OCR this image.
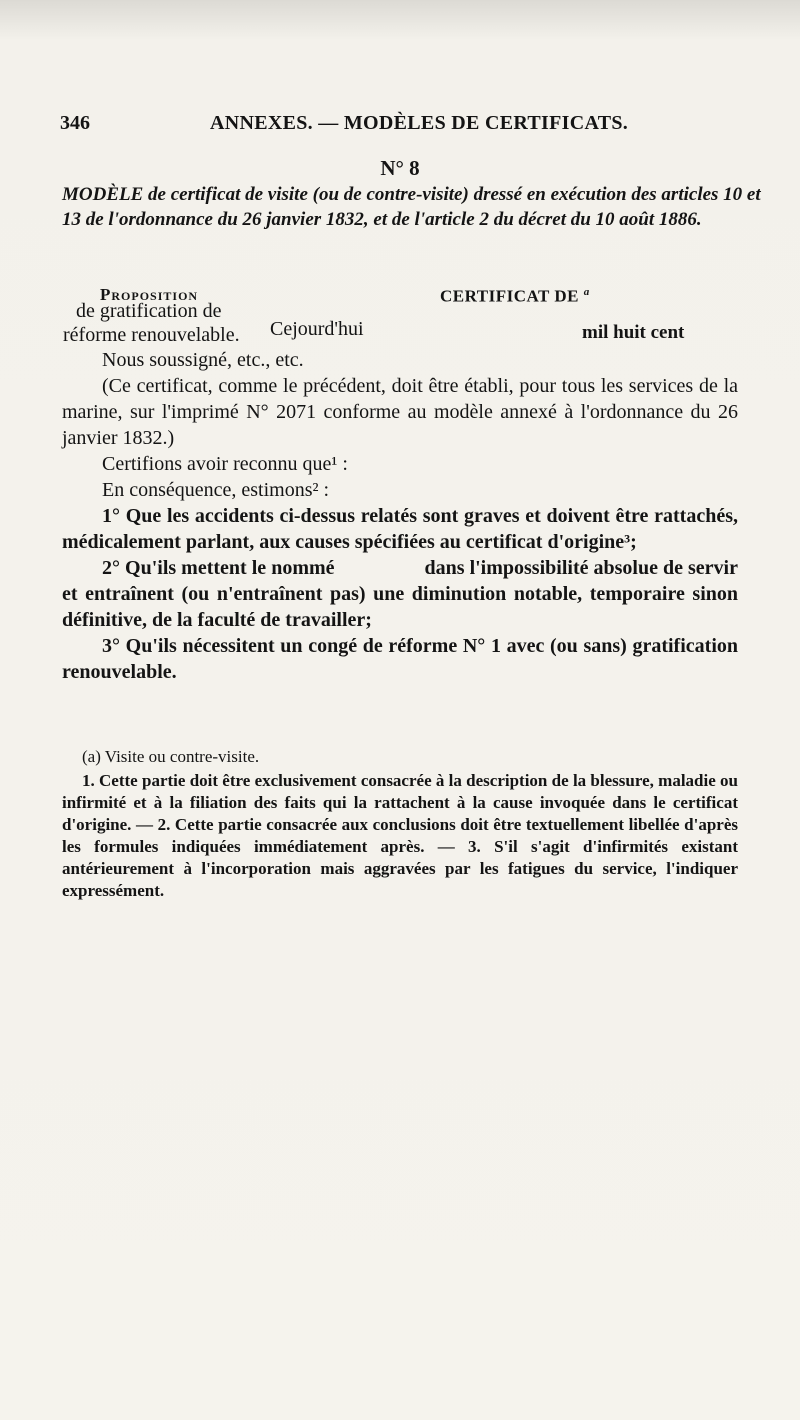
346	ANNEXES. — MODÈLES DE CERTIFICATS.
N° 8
MODÈLE de certificat de visite (ou de contre-visite) dressé en exécution des articles 10 et 13 de l'ordonnance du 26 janvier 1832, et de l'article 2 du décret du 10 août 1886.
Proposition
de gratification de
réforme renouvelable.
CERTIFICAT DE $^a$
Cejourd'hui	mil huit cent

Nous soussigné, etc., etc.

(Ce certificat, comme le précédent, doit être établi, pour tous les services de la marine, sur l'imprimé N° 2071 conforme au modèle annexé à l'ordonnance du 26 janvier 1832.)

Certifions avoir reconnu que¹ :

En conséquence, estimons² :

1° Que les accidents ci-dessus relatés sont graves et doivent être rattachés, médicalement parlant, aux causes spécifiées au certificat d'origine³;

2° Qu'ils mettent le nommé	dans l'impossibilité absolue de servir et entraînent (ou n'entraînent pas) une diminution notable, temporaire sinon définitive, de la faculté de travailler;

3° Qu'ils nécessitent un congé de réforme N° 1 avec (ou sans) gratification renouvelable.

(a) Visite ou contre-visite.

1. Cette partie doit être exclusivement consacrée à la description de la blessure, maladie ou infirmité et à la filiation des faits qui la rattachent à la cause invoquée dans le certificat d'origine. — 2. Cette partie consacrée aux conclusions doit être textuellement libellée d'après les formules indiquées immédiatement après. — 3. S'il s'agit d'infirmités existant antérieurement à l'incorporation mais aggravées par les fatigues du service, l'indiquer expressément.
